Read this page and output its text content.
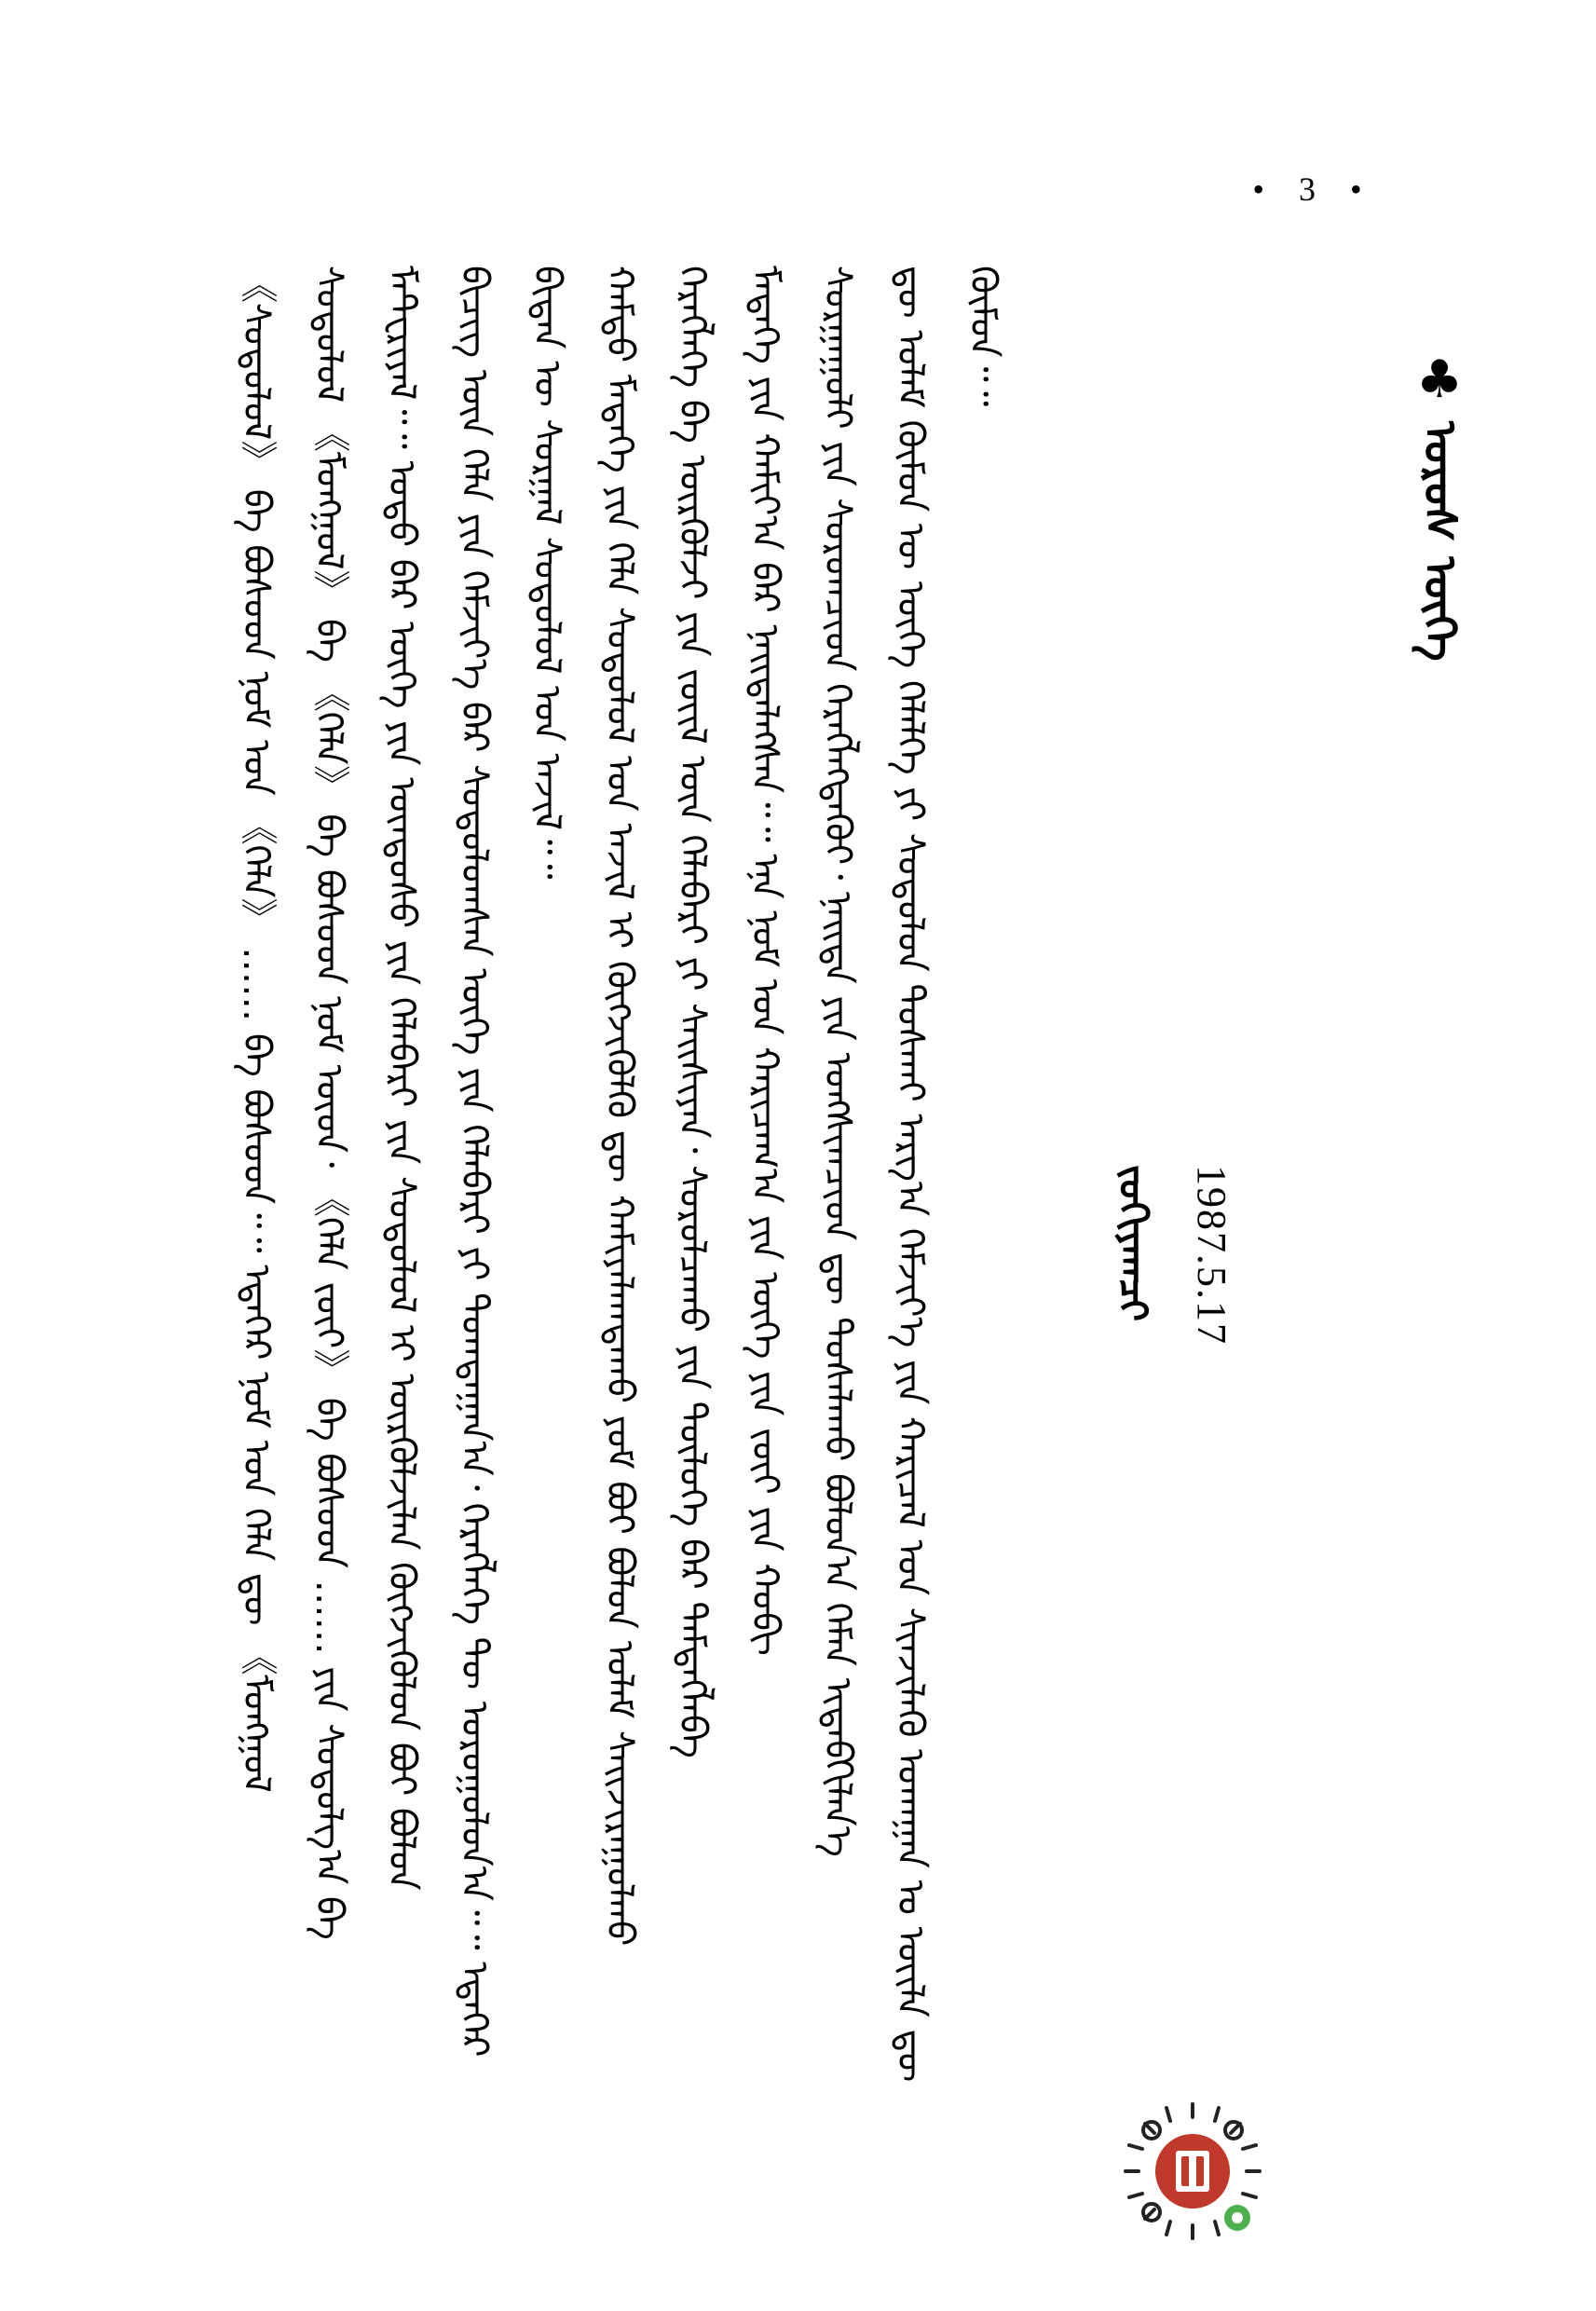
• 3 •
♣
ᠣᠷᠣᠰ ᠦᠭᠡ
1987.5.17
ᠵᠣᠬᠢᠶᠠᠭᠴᠢ
ᠬᠦᠮᠦᠨ᠃᠃
ᠳᠦ ᠤᠯᠠᠮ ᠬᠦᠮᠦᠨ ᠦ ᠦᠭᠡ ᠬᠡᠯᠡᠯᠭᠡ ᠶᠢ ᠰᠤᠳᠤᠯᠤᠨ ᠲᠤᠰᠬᠠᠢ ᠠᠷᠭ᠎ᠠ ᠬᠡᠮᠵᠢᠶ᠎ᠡ ᠶᠢᠨ ᠬᠠᠷᠢᠴᠠᠯ ᠤᠨ ᠰᠢᠨᠵᠢᠯᠡᠬᠦ ᠤᠬᠠᠭᠠᠨ ᠤ ᠦᠢᠯᠡ ᠳᠦ
ᠰᠤᠷᠭᠠᠭᠤᠯᠢ ᠶᠢᠨ ᠰᠤᠷᠤᠭᠴᠢᠳ ᠬᠡᠷᠡᠭᠯᠡᠭᠳᠡᠬᠦᠢ᠂ ᠨᠡᠢᠲᠡ ᠶᠢᠨ ᠤᠩᠰᠢᠭᠴᠢᠳ ᠳᠦ ᠲᠤᠰᠠᠯᠠᠬᠤ ᠪᠣᠯᠤᠨ᠎ᠠ ᠬᠡᠮᠡᠨ ᠢᠳᠡᠪᠬᠢᠯᠡᠨ᠎ᠡ
ᠮᠡᠳᠡᠭᠡ ᠶᠢᠨ ᠬᠠᠮᠢᠶ᠎ᠠ ᠪᠠᠷ ᠨᠡᠢᠲᠡᠯᠡᠭᠰᠡᠨ᠃᠃ ᠡᠨᠡ ᠨᠣᠮ ᠤᠨ ᠬᠠᠷᠢᠴᠠᠭ᠎ᠠ ᠶᠢᠨ ᠦᠭᠡ ᠶᠢᠨ ᠵᠦᠢ ᠶᠢᠨ ᠬᠤᠪᠢ
ᠬᠡᠷᠡᠭᠯᠡᠭᠡ ᠪᠠ ᠦᠷᠭᠦᠯᠵᠢ ᠶᠢᠨ ᠵᠦᠢᠯ ᠦᠨ ᠬᠡᠯᠡᠪᠡᠷᠢ ᠶᠢ ᠰᠠᠢᠰᠢᠶᠠᠨ᠂ ᠰᠤᠷᠤᠯᠴᠠᠬᠤ ᠶᠢᠨ ᠲᠥᠯᠦᠭᠡ ᠪᠡᠷ ᠲᠡᠮᠳᠡᠭᠯᠡᠪᠡ
ᠬᠠᠮᠲᠤ ᠮᠡᠳᠡᠭᠡ ᠶᠢᠨ ᠬᠡᠯᠡ ᠰᠤᠳᠤᠯᠤᠯ ᠤᠨ ᠠᠵᠢᠯ ᠢ ᠬᠥᠭᠵᠢᠭᠦᠯᠬᠦ ᠳᠦ ᠬᠠᠮᠢᠶᠠᠯᠠᠭᠳᠠᠬᠤ ᠶᠤᠮ ᠪᠤᠢ ᠪᠣᠯᠤᠨ ᠤᠯᠠᠮ ᠰᠠᠢᠵᠢᠷᠠᠭᠤᠯᠬᠤ
ᠪᠢᠳᠡᠨ ᠦ ᠰᠤᠷᠭᠠᠯ ᠰᠤᠳᠤᠯᠤᠯ ᠤᠨ ᠠᠵᠢᠯ᠃᠃
ᠪᠢᠴᠢᠭ ᠦᠨ ᠬᠡᠯᠡ ᠶᠢᠨ ᠬᠡᠮᠵᠢᠶ᠎ᠡ ᠪᠡᠷ ᠰᠤᠳᠤᠯᠤᠭᠰᠠᠨ ᠦᠭᠡ ᠶᠢᠨ ᠬᠡᠯᠡᠪᠡᠷᠢ ᠶᠢ ᠲᠣᠭᠲᠠᠭᠠᠨ᠎ᠠ᠂ ᠬᠡᠷᠡᠭᠯᠡᠭᠡ ᠲᠦ ᠣᠷᠣᠭᠤᠯᠤᠨ᠎ᠠ᠃᠃ ᠡᠳᠡᠭᠡᠷ
ᠮᠠᠲ᠋ᠧᠷᠢᠶᠠᠯ᠃᠃ ᠣᠳᠣ ᠪᠡᠷ ᠦᠭᠡ ᠶᠢᠨ ᠦᠨᠳᠦᠰᠦ ᠶᠢᠨ ᠬᠡᠯᠡᠪᠡᠷᠢ ᠶᠢᠨ ᠰᠤᠳᠤᠯᠤᠯ ᠢ ᠦᠷᠭᠦᠯᠵᠢᠯᠡᠨ ᠬᠥᠭᠵᠢᠭᠦᠯᠦᠨ ᠪᠤᠢ ᠪᠣᠯᠤᠨ
ᠰᠤᠳᠤᠯᠤᠯ 《ᠮᠣᠩᠭᠣᠯ》 ᠪᠠ 《ᠬᠡᠯᠡ》 ᠪᠠ ᠪᠤᠰᠤᠳ ᠨᠣᠮ ᠦᠳ᠂ 《ᠬᠡᠯᠡ ᠵᠦᠢ》 ᠪᠠ ᠪᠤᠰᠤᠳ …… ᠶᠢᠨ ᠰᠤᠳᠤᠯᠭ᠎ᠠ ᠪᠠ
《ᠰᠤᠳᠤᠯᠤᠯ》 ᠪᠠ ᠪᠤᠰᠤᠳ ᠨᠣᠮ ᠤᠨ 《ᠬᠡᠯᠡ》 …… ᠪᠠ ᠪᠤᠰᠤᠳ᠃᠃ ᠡᠳᠡᠭᠡᠷ ᠨᠣᠮ ᠤᠨ ᠬᠡᠯᠡ ᠳᠦ 《ᠮᠣᠩᠭᠣᠯ
